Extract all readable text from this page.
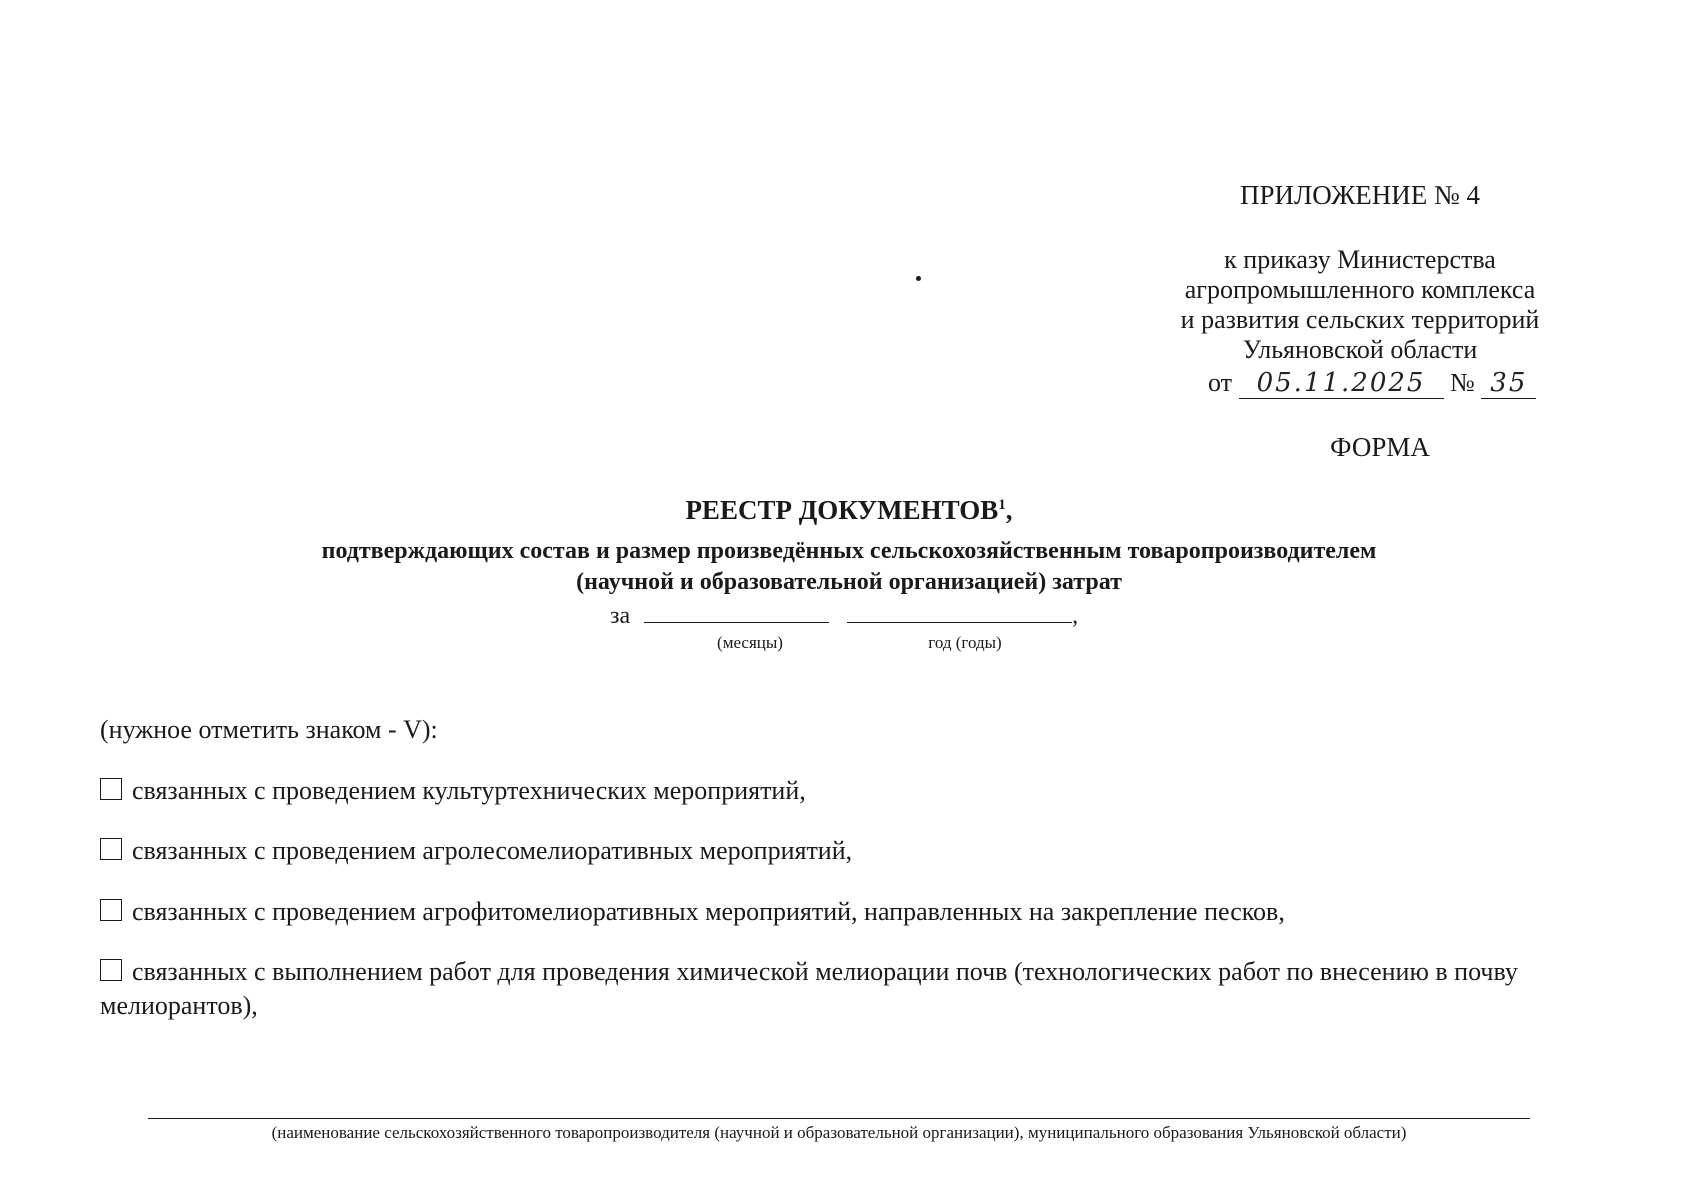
ПРИЛОЖЕНИЕ № 4
к приказу Министерства
агропромышленного комплекса
и развития сельских территорий
Ульяновской области
от 05.11.2025 № 35
ФОРМА
РЕЕСТР ДОКУМЕНТОВ$^1$,
подтверждающих состав и размер произведённых сельскохозяйственным товаропроизводителем
(научной и образовательной организацией) затрат
за	,
(месяцы)	год (годы)
(нужное отметить знаком - V):
связанных с проведением культуртехнических мероприятий,
связанных с проведением агролесомелиоративных мероприятий,
связанных с проведением агрофитомелиоративных мероприятий, направленных на закрепление песков,
связанных с выполнением работ для проведения химической мелиорации почв (технологических работ по внесению в почву мелиорантов),
(наименование сельскохозяйственного товаропроизводителя (научной и образовательной организации), муниципального образования Ульяновской области)
